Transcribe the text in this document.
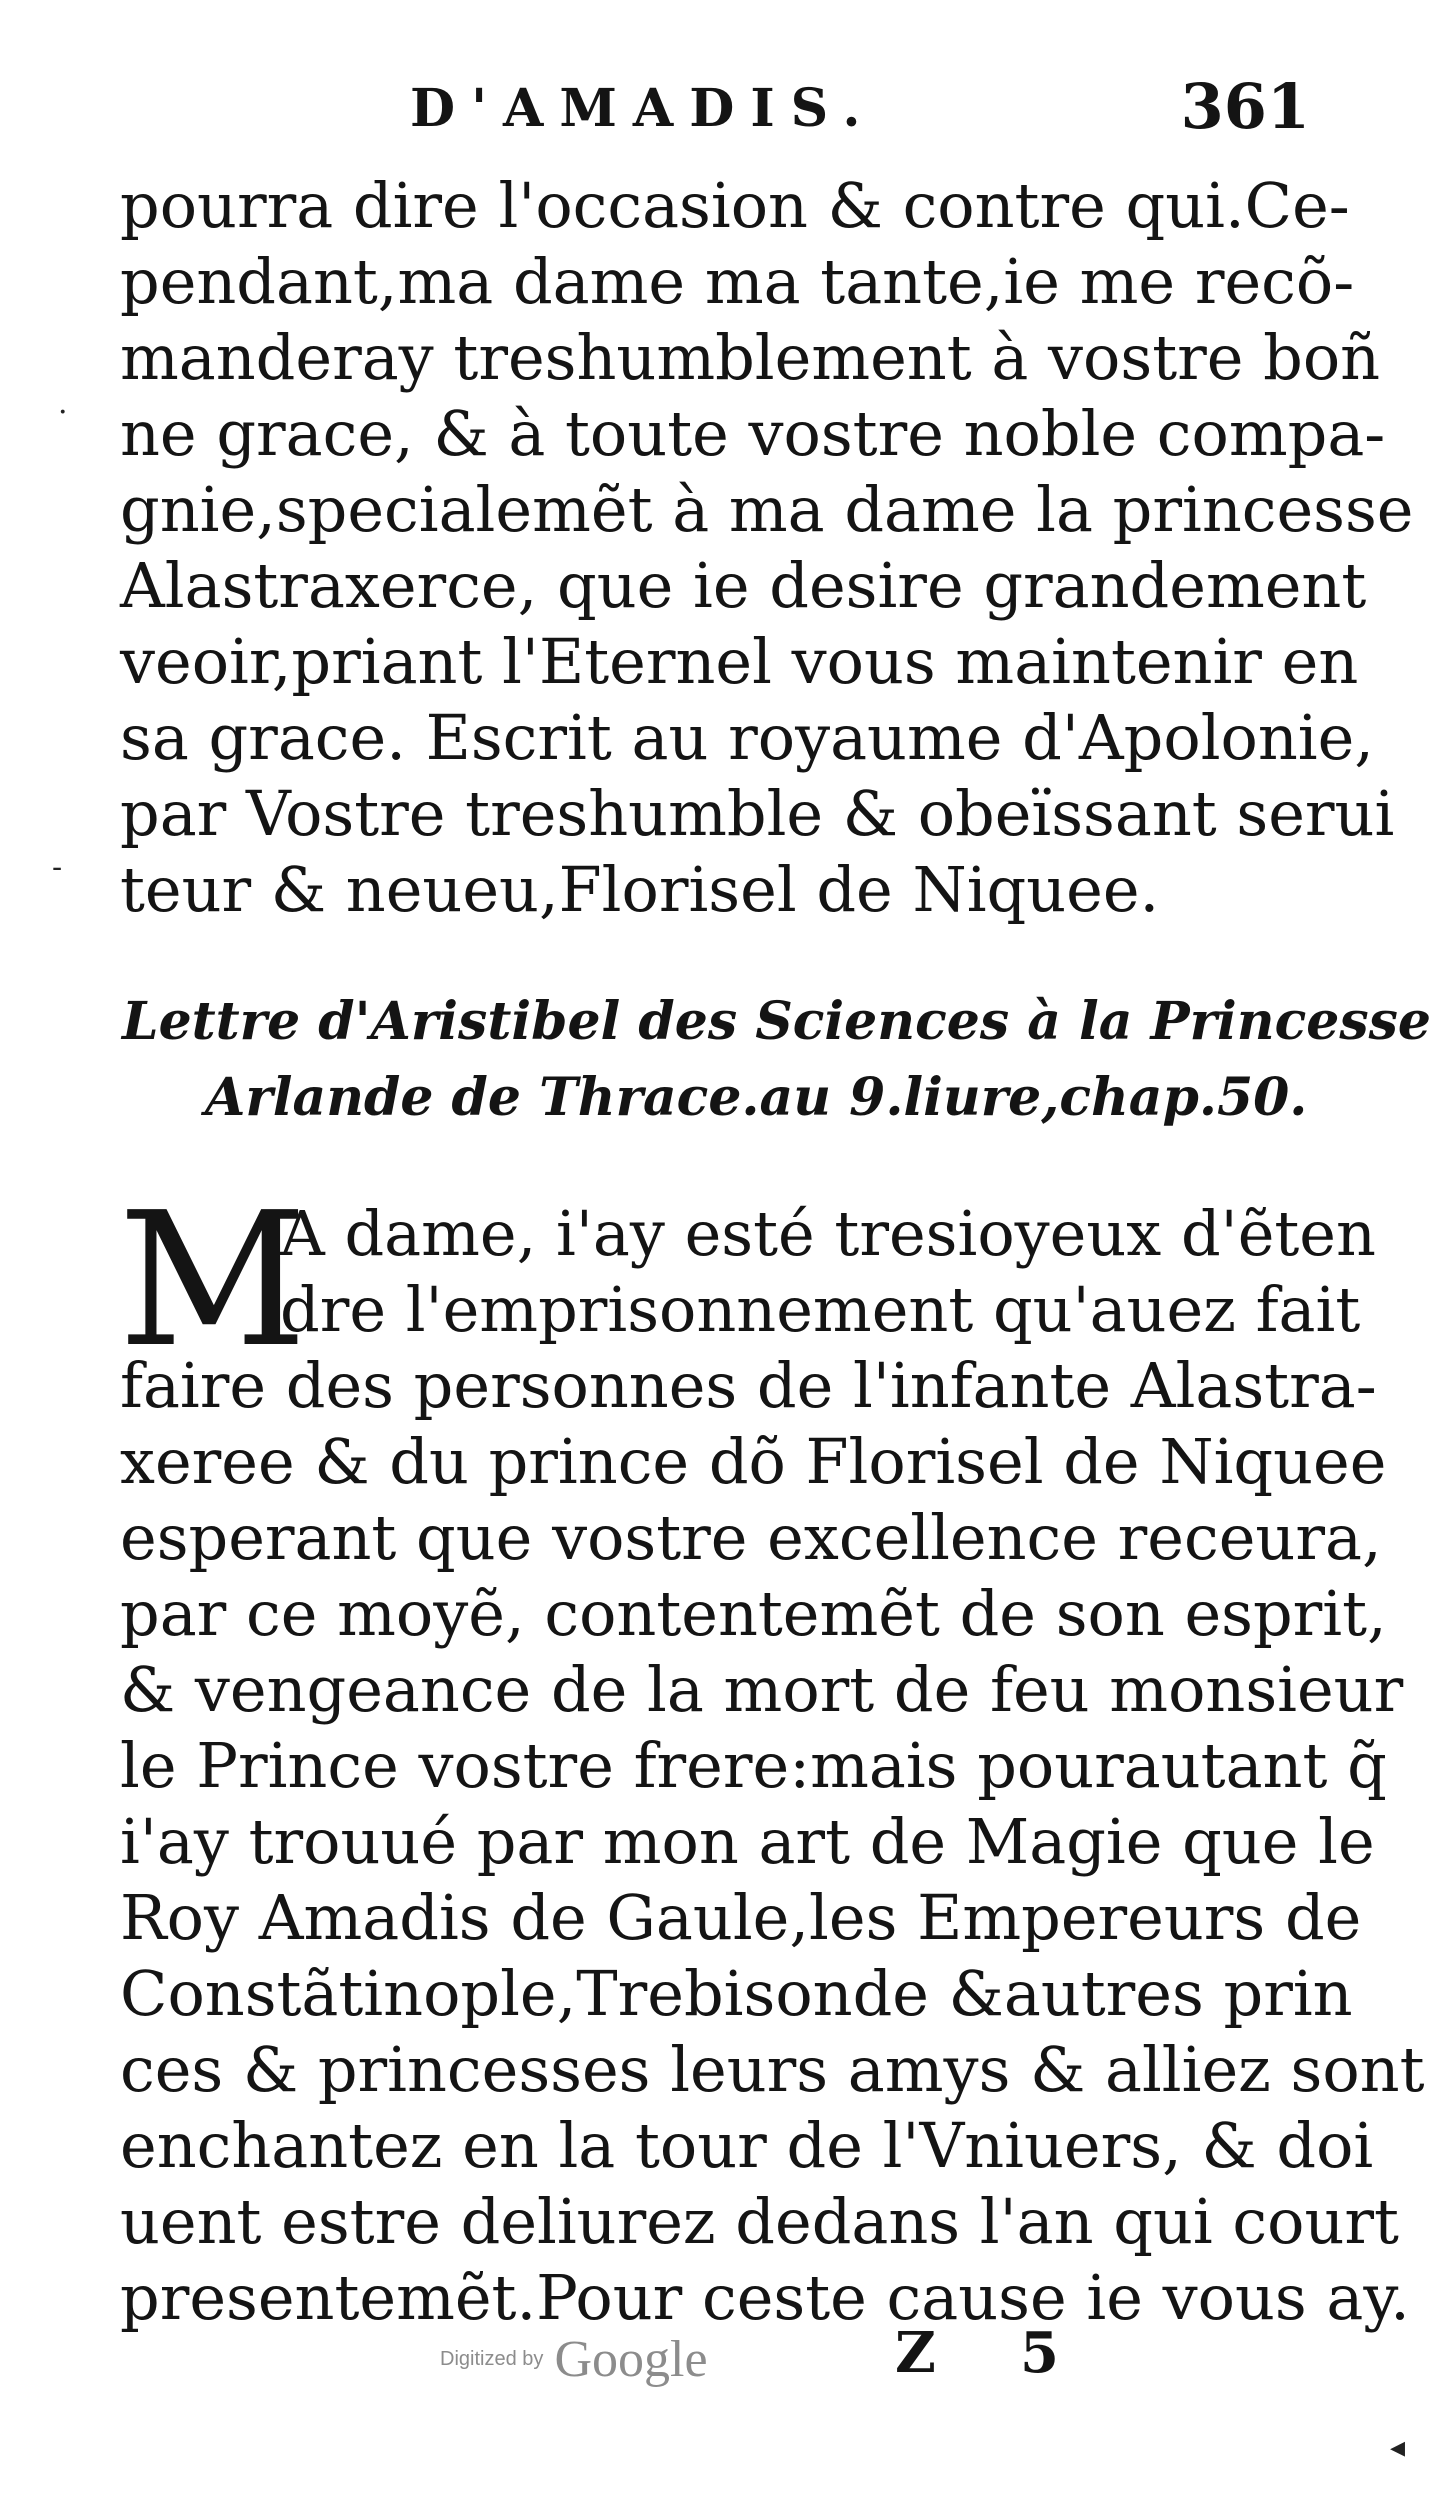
D'AMADIS.	361
pourra dire l'occasion & contre qui.Ce-
pendant,ma dame ma tante,ie me recõ-
manderay treshumblement à vostre boñ
ne grace, & à toute vostre noble compa-
gnie,specialemẽt à ma dame la princesse
Alastraxerce, que ie desire grandement
veoir,priant l'Eternel vous maintenir en
sa grace. Escrit au royaume d'Apolonie,
par Vostre treshumble & obeïssant serui
teur & neueu,Florisel de Niquee.
Lettre d'Aristibel des Sciences à la Princesse
Arlande de Thrace.au 9.liure,chap.50.
M
A dame, i'ay esté tresioyeux d'ẽten
dre l'emprisonnement qu'auez fait
faire des personnes de l'infante Alastra-
xeree & du prince dõ Florisel de Niquee
esperant que vostre excellence receura,
par ce moyẽ, contentemẽt de son esprit,
& vengeance de la mort de feu monsieur
le Prince vostre frere:mais pourautant q̃
i'ay trouué par mon art de Magie que le
Roy Amadis de Gaule,les Empereurs de
Constãtinople,Trebisonde &autres prin
ces & princesses leurs amys & alliez sont
enchantez en la tour de l'Vniuers, & doi
uent estre deliurez dedans l'an qui court
presentemẽt.Pour ceste cause ie vous ay.
Digitized by Google	Z 5
·
-
◂
